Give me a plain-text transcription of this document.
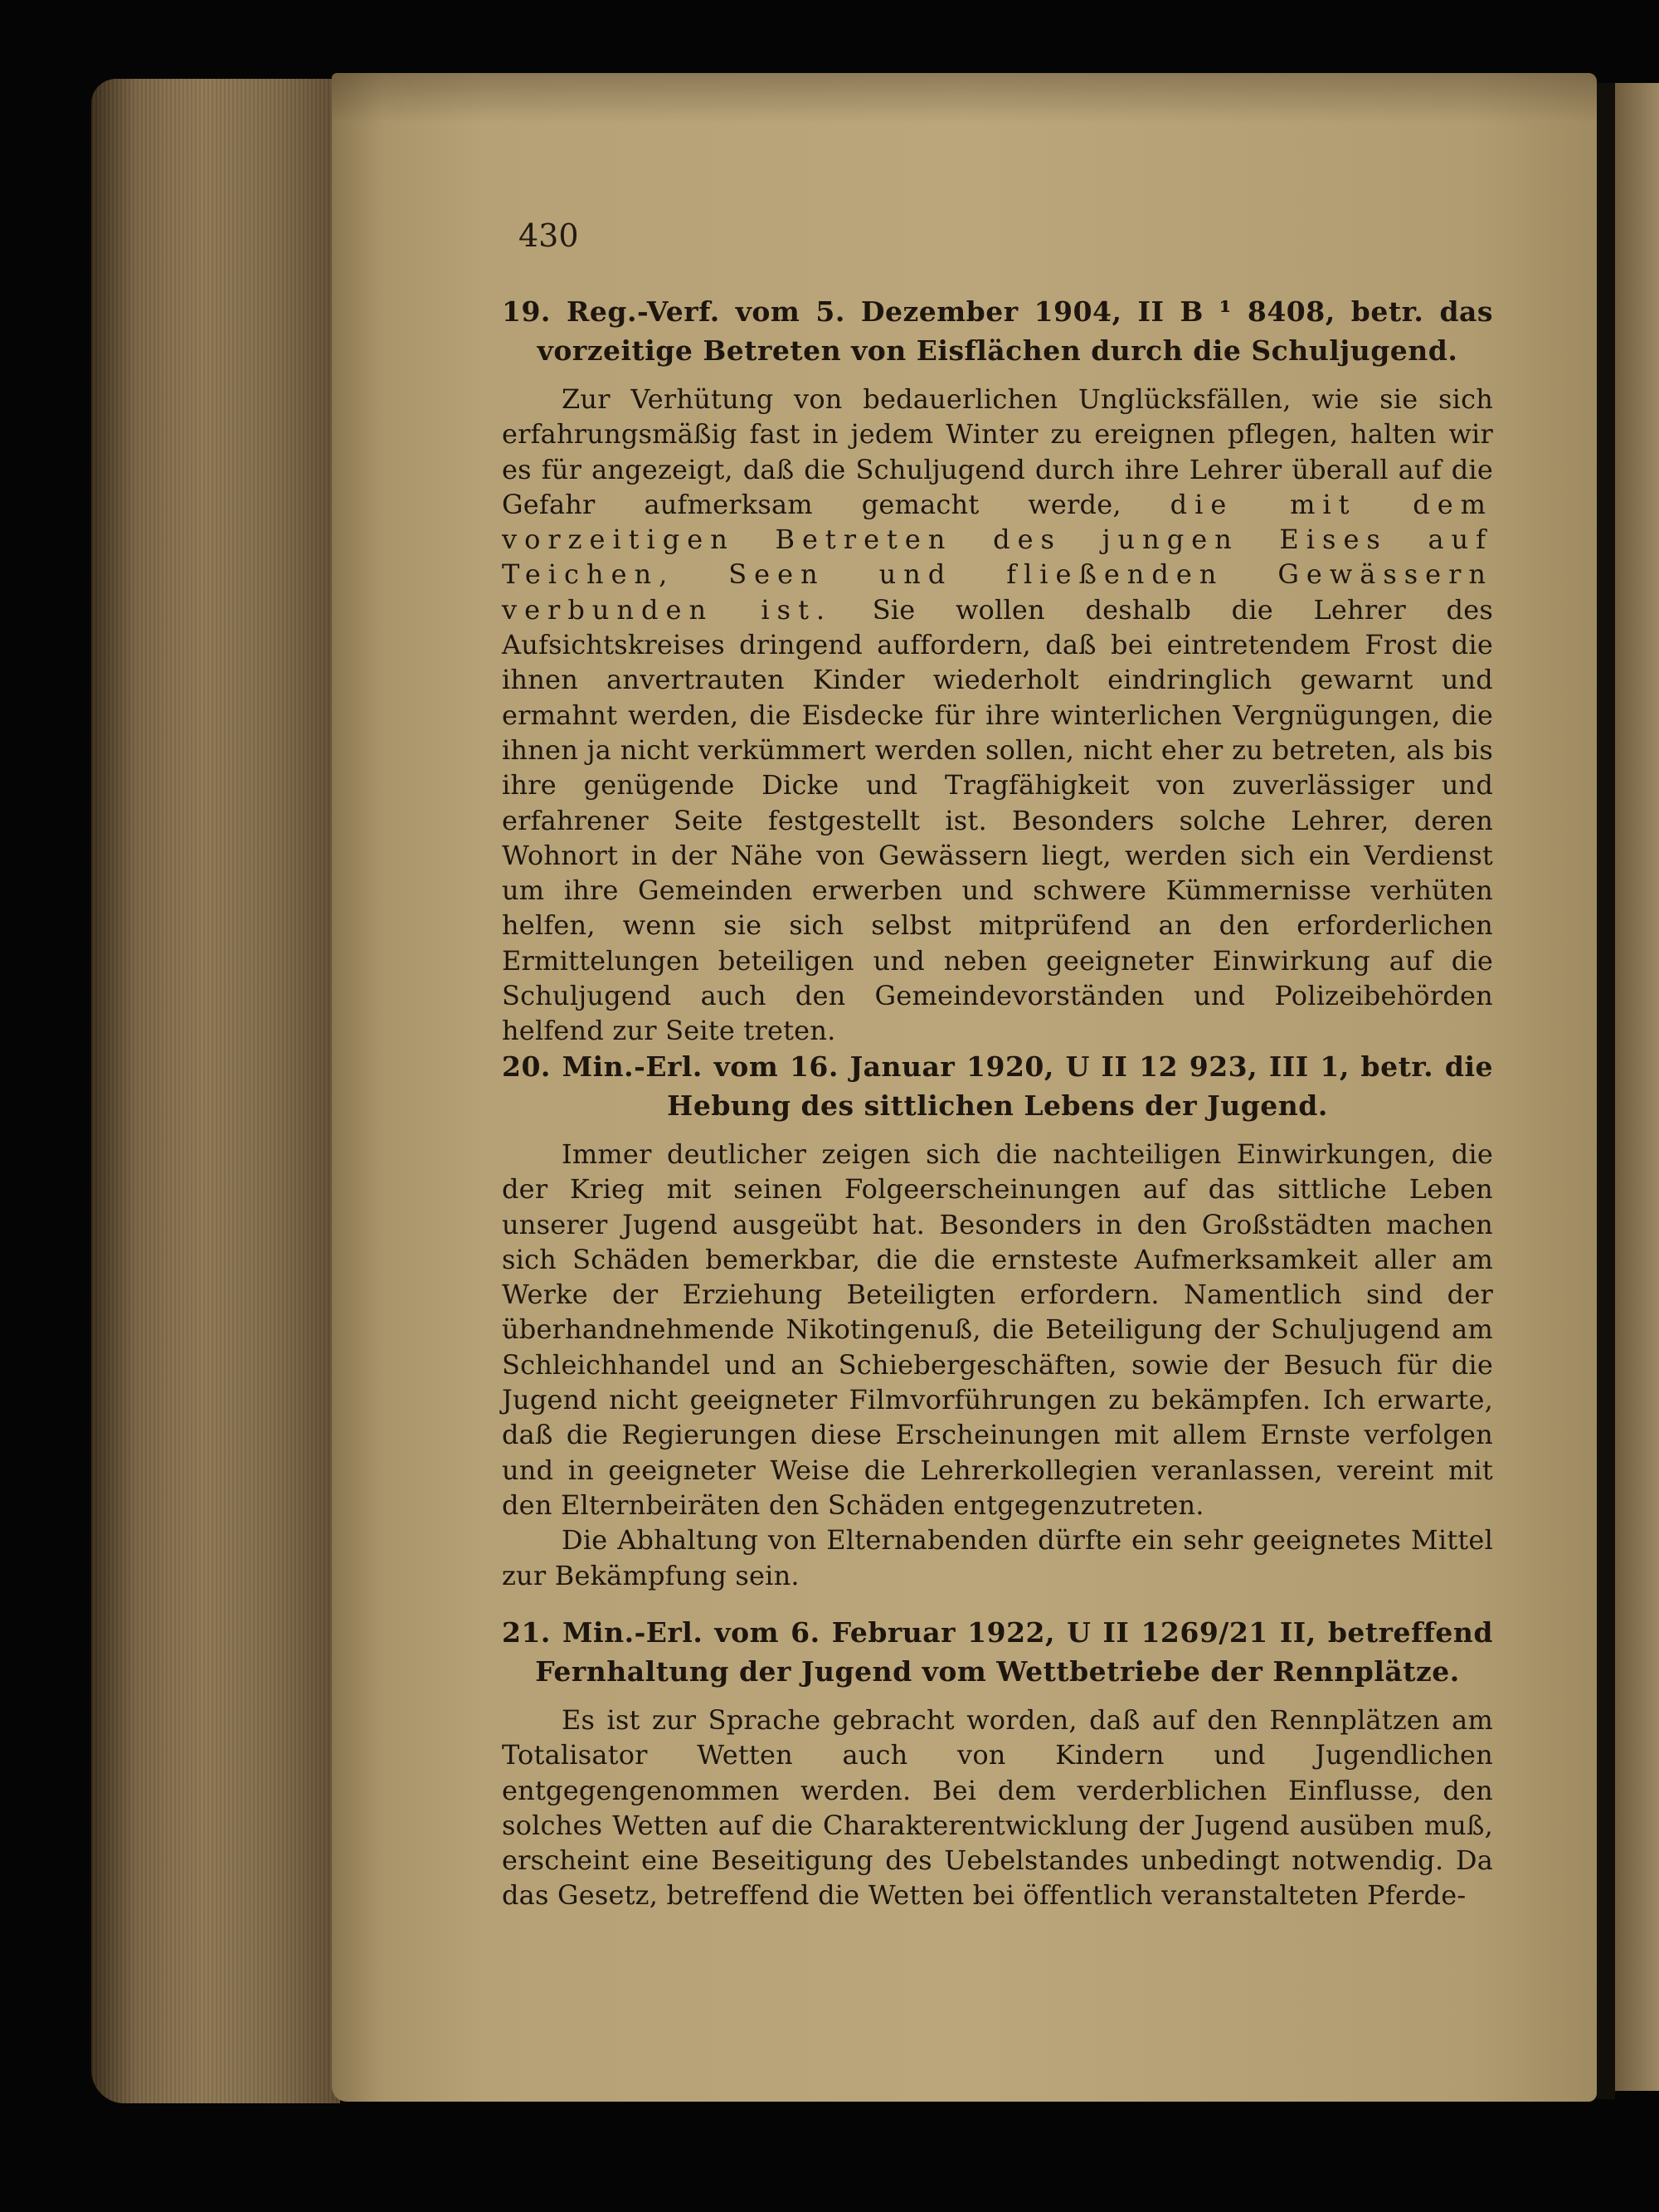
430

19. Reg.-Verf. vom 5. Dezember 1904, II B ¹ 8408, betr. das vorzeitige Betreten von Eisflächen durch die Schuljugend.

Zur Verhütung von bedauerlichen Unglücksfällen, wie sie sich erfahrungsmäßig fast in jedem Winter zu ereignen pflegen, halten wir es für angezeigt, daß die Schuljugend durch ihre Lehrer überall auf die Gefahr aufmerksam gemacht werde, die mit dem vorzeitigen Betreten des jungen Eises auf Teichen, Seen und fließenden Gewässern verbunden ist. Sie wollen deshalb die Lehrer des Aufsichtskreises dringend auffordern, daß bei eintretendem Frost die ihnen anvertrauten Kinder wiederholt eindringlich gewarnt und ermahnt werden, die Eisdecke für ihre winterlichen Vergnügungen, die ihnen ja nicht verkümmert werden sollen, nicht eher zu betreten, als bis ihre genügende Dicke und Tragfähigkeit von zuverlässiger und erfahrener Seite festgestellt ist. Besonders solche Lehrer, deren Wohnort in der Nähe von Gewässern liegt, werden sich ein Verdienst um ihre Gemeinden erwerben und schwere Kümmernisse verhüten helfen, wenn sie sich selbst mitprüfend an den erforderlichen Ermittelungen beteiligen und neben geeigneter Einwirkung auf die Schuljugend auch den Gemeindevorständen und Polizeibehörden helfend zur Seite treten.

20. Min.-Erl. vom 16. Januar 1920, U II 12 923, III 1, betr. die Hebung des sittlichen Lebens der Jugend.

Immer deutlicher zeigen sich die nachteiligen Einwirkungen, die der Krieg mit seinen Folgeerscheinungen auf das sittliche Leben unserer Jugend ausgeübt hat. Besonders in den Großstädten machen sich Schäden bemerkbar, die die ernsteste Aufmerksamkeit aller am Werke der Erziehung Beteiligten erfordern. Namentlich sind der überhandnehmende Nikotingenuß, die Beteiligung der Schuljugend am Schleichhandel und an Schiebergeschäften, sowie der Besuch für die Jugend nicht geeigneter Filmvorführungen zu bekämpfen. Ich erwarte, daß die Regierungen diese Erscheinungen mit allem Ernste verfolgen und in geeigneter Weise die Lehrerkollegien veranlassen, vereint mit den Elternbeiräten den Schäden entgegenzutreten.

Die Abhaltung von Elternabenden dürfte ein sehr geeignetes Mittel zur Bekämpfung sein.

21. Min.-Erl. vom 6. Februar 1922, U II 1269/21 II, betreffend Fernhaltung der Jugend vom Wettbetriebe der Rennplätze.

Es ist zur Sprache gebracht worden, daß auf den Rennplätzen am Totalisator Wetten auch von Kindern und Jugendlichen entgegengenommen werden. Bei dem verderblichen Einflusse, den solches Wetten auf die Charakterentwicklung der Jugend ausüben muß, erscheint eine Beseitigung des Uebelstandes unbedingt notwendig. Da das Gesetz, betreffend die Wetten bei öffentlich veranstalteten Pferde-
